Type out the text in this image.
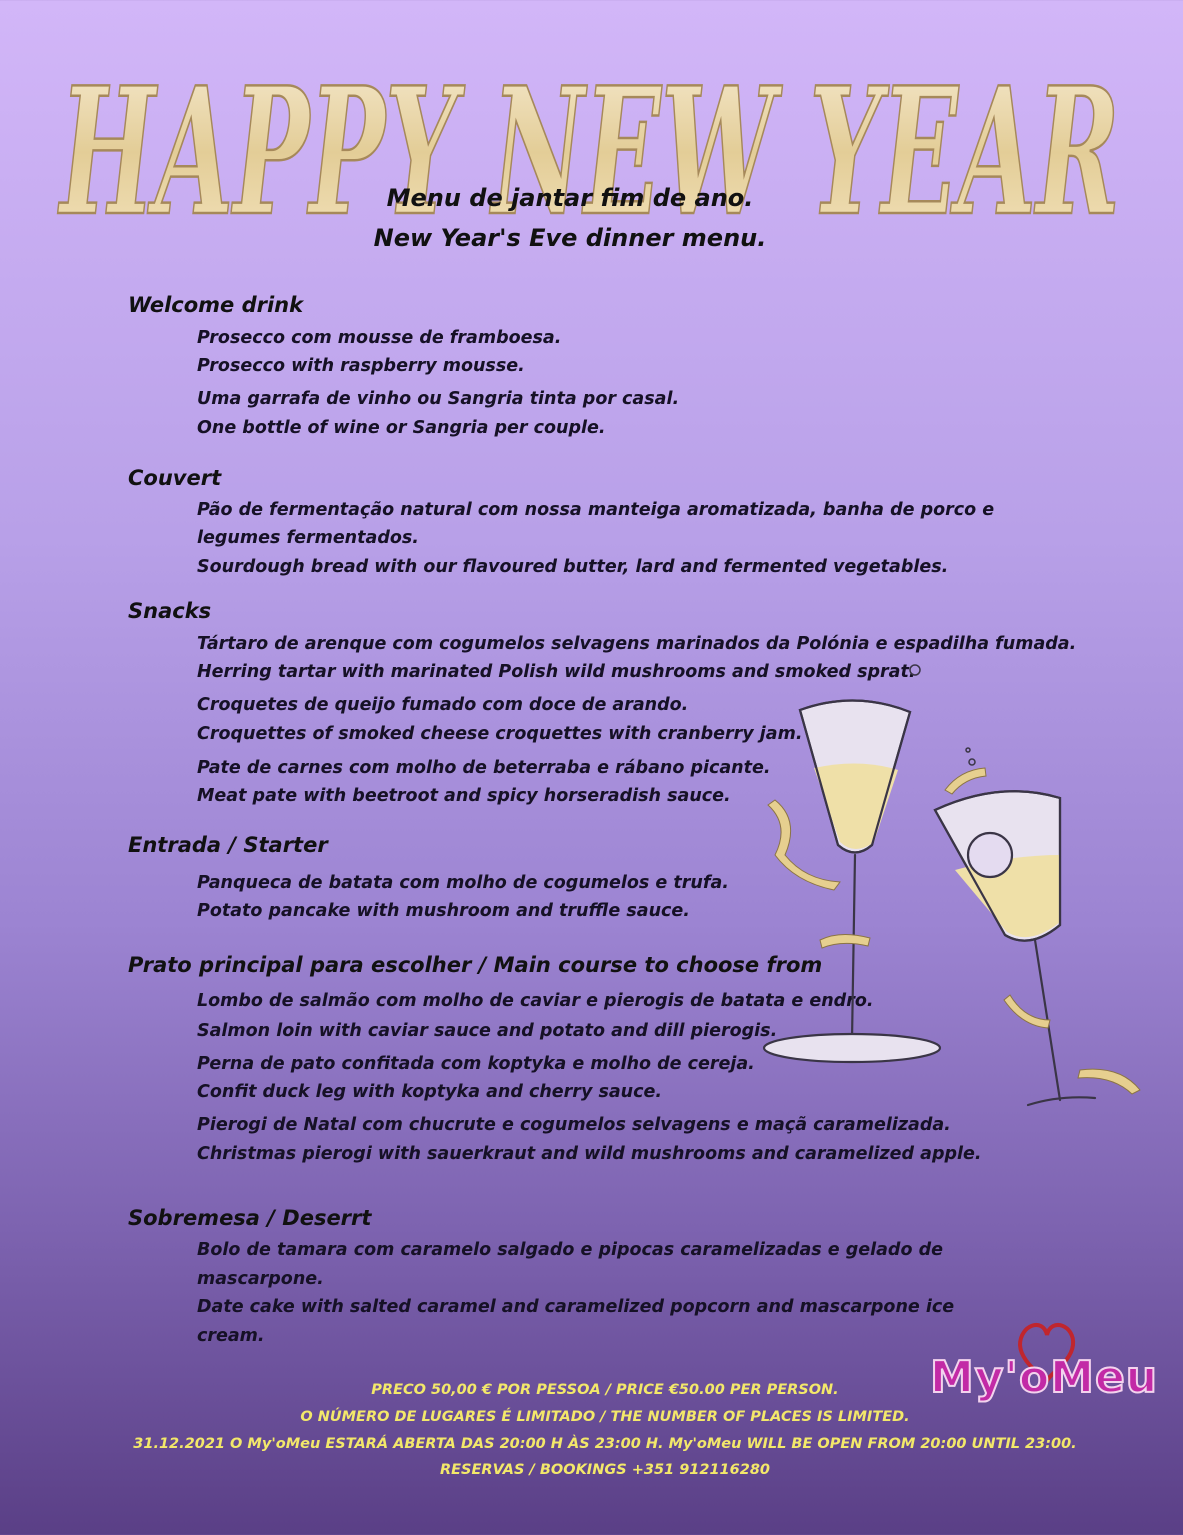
HAPPY NEW YEAR

Menu de jantar fim de ano.

New Year's Eve dinner menu.

Welcome drink

Prosecco com mousse de framboesa.

Prosecco with raspberry mousse.

Uma garrafa de vinho ou Sangria tinta por casal.

One bottle of wine or Sangria per couple.

Couvert

Pão de fermentação natural com nossa manteiga aromatizada, banha de porco e

legumes fermentados.

Sourdough bread with our flavoured butter, lard and fermented vegetables.

Snacks

Tártaro de arenque com cogumelos selvagens marinados da Polónia e espadilha fumada.

Herring tartar with marinated Polish wild mushrooms and smoked sprat.

Croquetes de queijo fumado com doce de arando.

Croquettes of smoked cheese croquettes with cranberry jam.

Pate de carnes com molho de beterraba e rábano picante.

Meat pate with beetroot and spicy horseradish sauce.

Entrada / Starter

Panqueca de batata com molho de cogumelos e trufa.

Potato pancake with mushroom and truffle sauce.

Prato principal para escolher / Main course to choose from

Lombo de salmão com molho de caviar e pierogis de batata e endro.

Salmon loin with caviar sauce and potato and dill pierogis.

Perna de pato confitada com koptyka e molho de cereja.

Confit duck leg with koptyka and cherry sauce.

Pierogi de Natal com chucrute e cogumelos selvagens e maçã caramelizada.

Christmas pierogi with sauerkraut and wild mushrooms and caramelized apple.

Sobremesa / Deserrt

Bolo de tamara com caramelo salgado e pipocas caramelizadas e gelado de

mascarpone.

Date cake with salted caramel and caramelized popcorn and mascarpone ice

cream.

My'oMeu

PRECO 50,00 € POR PESSOA / PRICE €50.00 PER PERSON.

O NÚMERO DE LUGARES É LIMITADO / THE NUMBER OF PLACES IS LIMITED.

31.12.2021 O My'oMeu ESTARÁ ABERTA DAS 20:00 H ÀS 23:00 H. My'oMeu WILL BE OPEN FROM 20:00 UNTIL 23:00.

RESERVAS / BOOKINGS +351 912116280
